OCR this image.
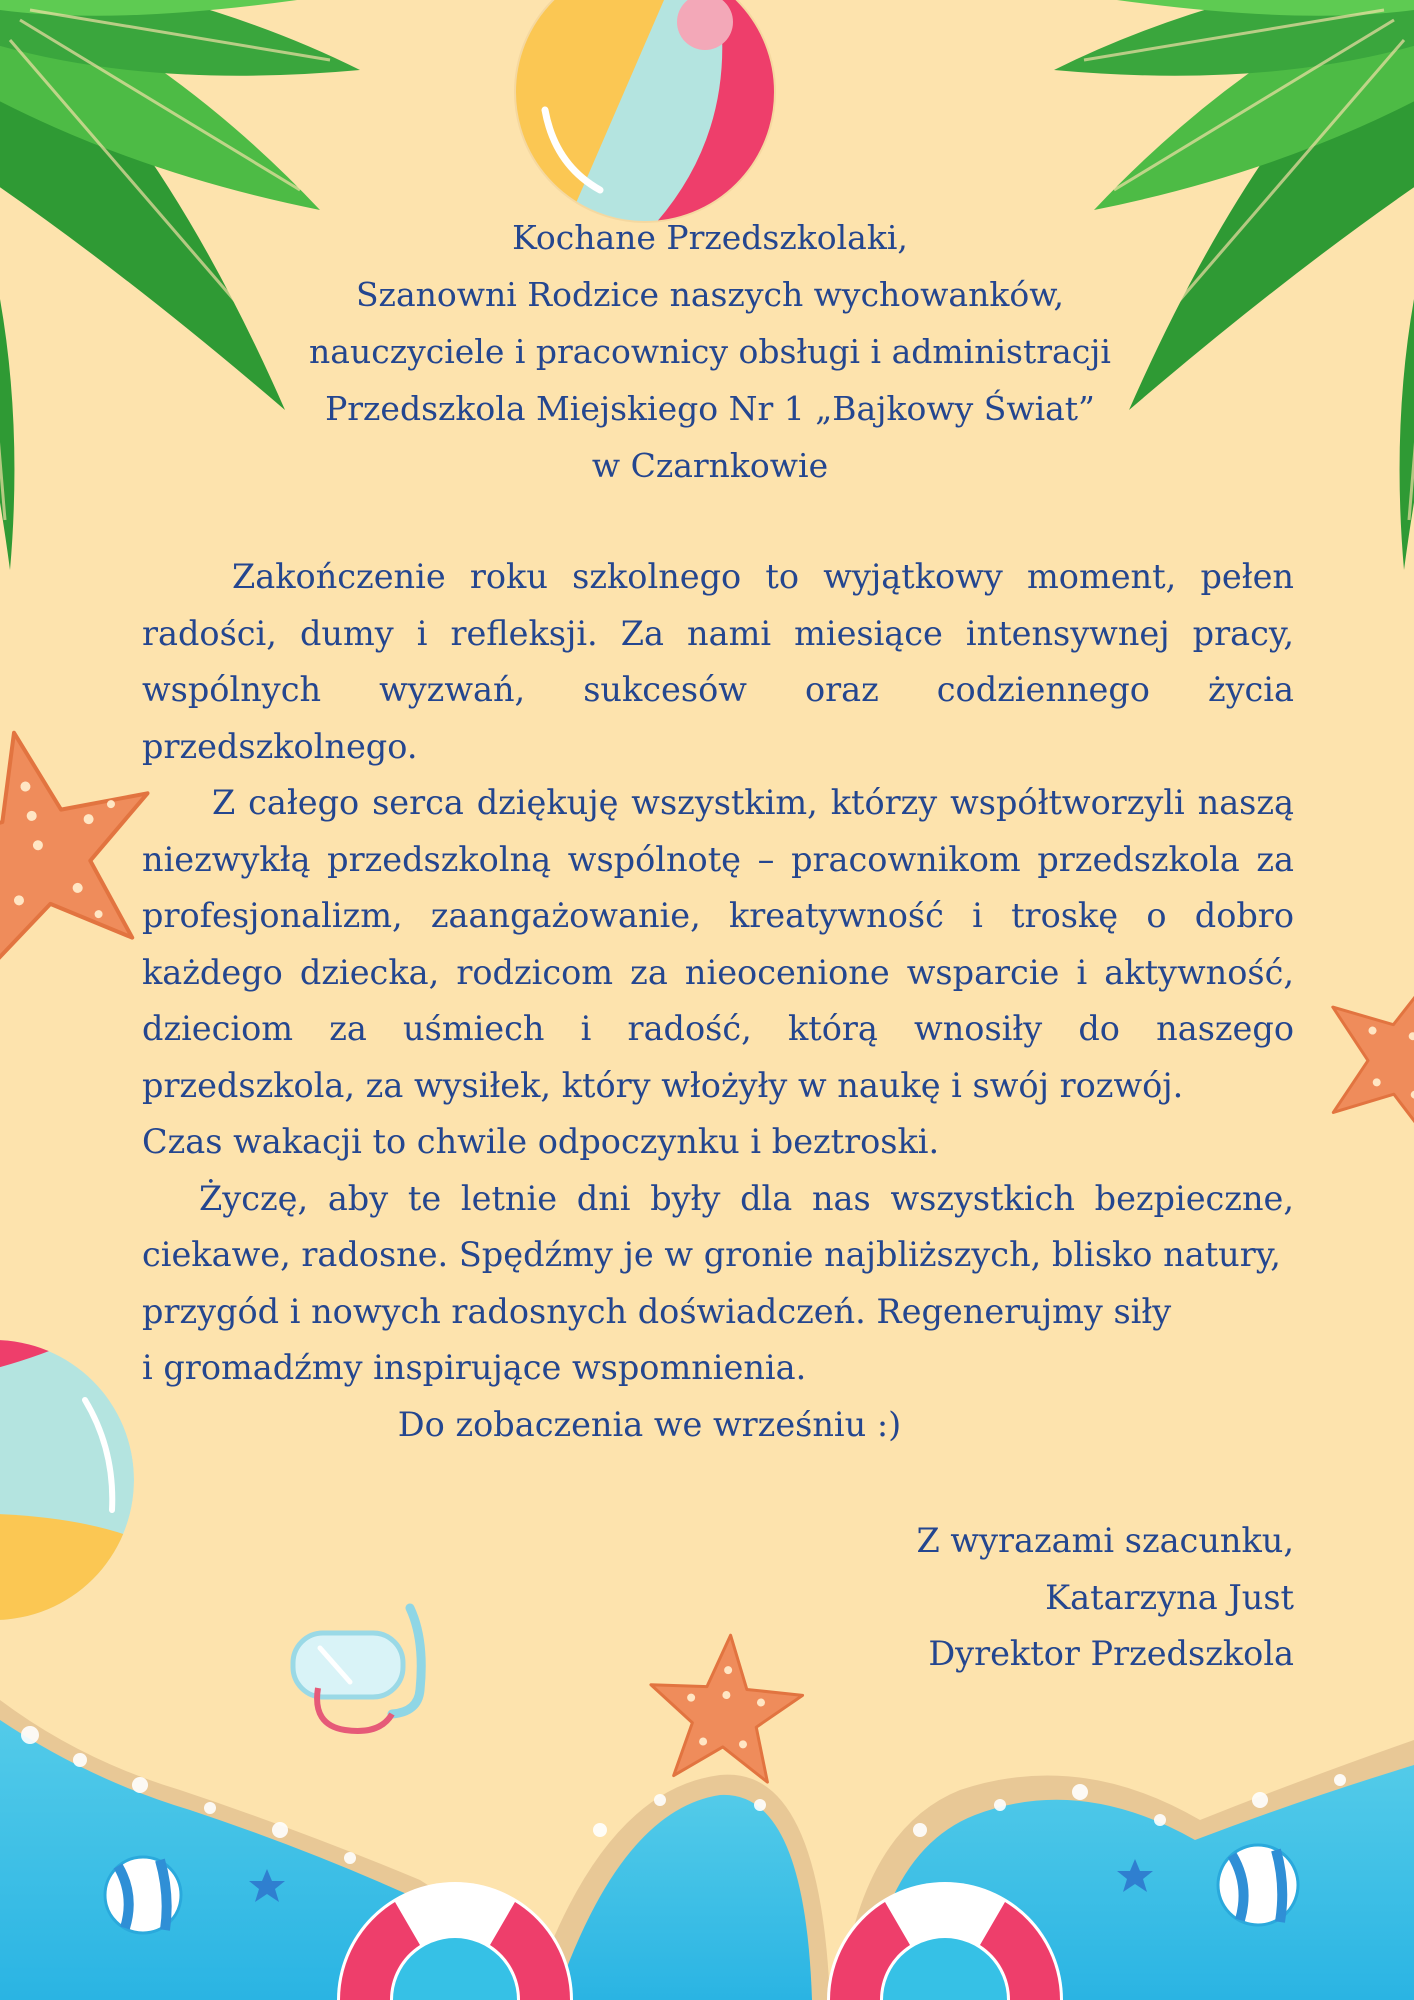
Kochane Przedszkolaki,
Szanowni Rodzice naszych wychowanków,
nauczyciele i pracownicy obsługi i administracji
Przedszkola Miejskiego Nr 1 „Bajkowy Świat”
w Czarnkowie

Zakończenie roku szkolnego to wyjątkowy moment, pełen radości, dumy i refleksji. Za nami miesiące intensywnej pracy, wspólnych wyzwań, sukcesów oraz codziennego życia przedszkolnego.

Z całego serca dziękuję wszystkim, którzy współtworzyli naszą niezwykłą przedszkolną wspólnotę – pracownikom przedszkola za profesjonalizm, zaangażowanie, kreatywność i troskę o dobro każdego dziecka, rodzicom za nieocenione wsparcie i aktywność, dzieciom za uśmiech i radość, którą wnosiły do naszego przedszkola, za wysiłek, który włożyły w naukę i swój rozwój.

Czas wakacji to chwile odpoczynku i beztroski.

Życzę, aby te letnie dni były dla nas wszystkich bezpieczne, ciekawe, radosne. Spędźmy je w gronie najbliższych, blisko natury,

przygód i nowych radosnych doświadczeń. Regenerujmy siły

i gromadźmy inspirujące wspomnienia.

Do zobaczenia we wrześniu :)

Z wyrazami szacunku,
Katarzyna Just
Dyrektor Przedszkola
